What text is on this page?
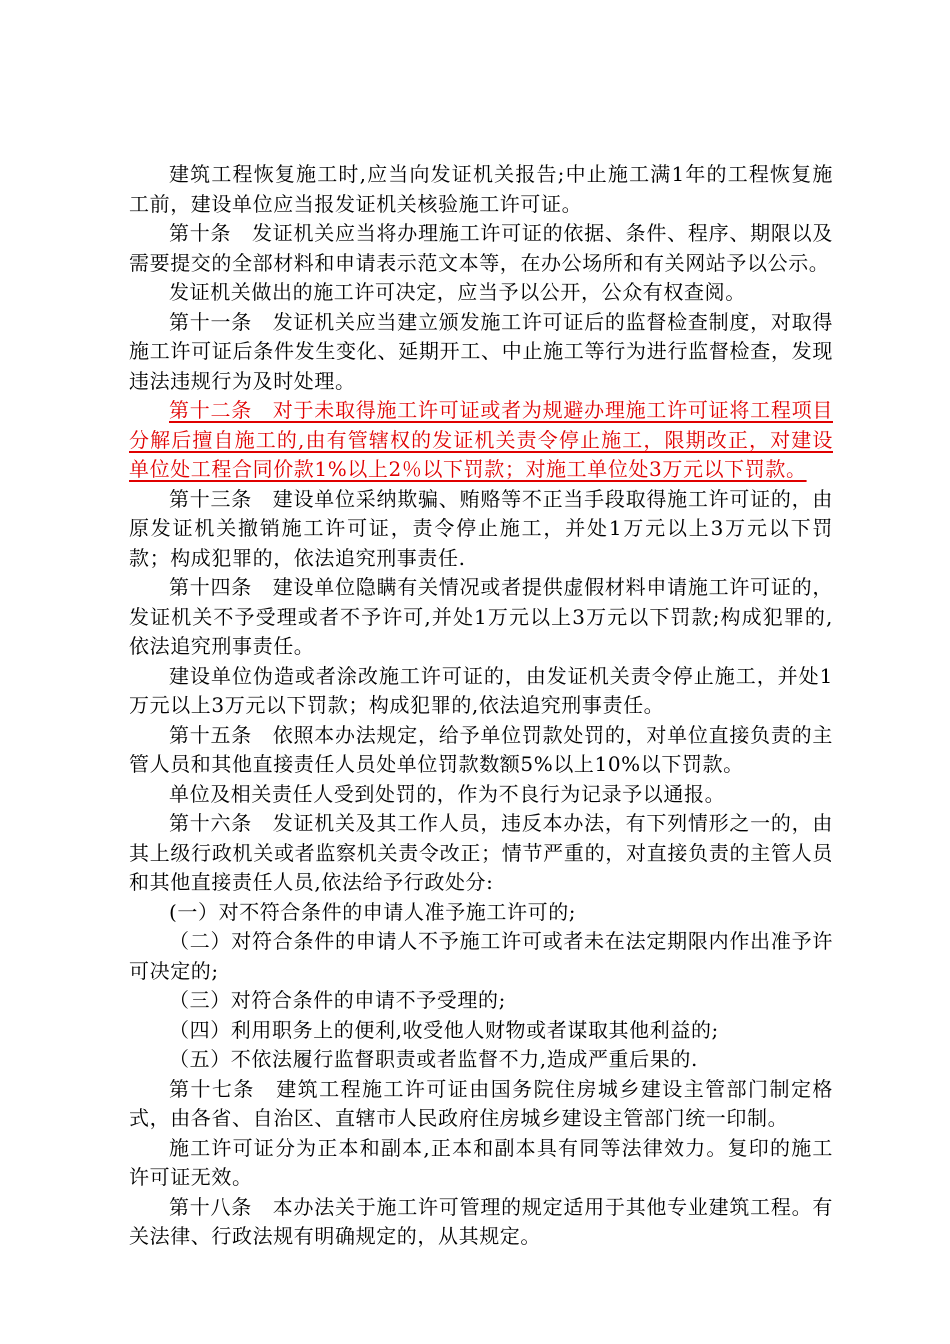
建筑工程恢复施工时,应当向发证机关报告;中止施工满1年的工程恢复施工前，建设单位应当报发证机关核验施工许可证。

第十条　发证机关应当将办理施工许可证的依据、条件、程序、期限以及需要提交的全部材料和申请表示范文本等，在办公场所和有关网站予以公示。

发证机关做出的施工许可决定，应当予以公开，公众有权查阅。

第十一条　发证机关应当建立颁发施工许可证后的监督检查制度，对取得施工许可证后条件发生变化、延期开工、中止施工等行为进行监督检查，发现违法违规行为及时处理。

第十二条　对于未取得施工许可证或者为规避办理施工许可证将工程项目分解后擅自施工的,由有管辖权的发证机关责令停止施工，限期改正，对建设单位处工程合同价款1%以上2％以下罚款；对施工单位处3万元以下罚款。

第十三条　建设单位采纳欺骗、贿赂等不正当手段取得施工许可证的，由原发证机关撤销施工许可证，责令停止施工，并处1万元以上3万元以下罚款；构成犯罪的，依法追究刑事责任.

第十四条　建设单位隐瞒有关情况或者提供虚假材料申请施工许可证的，发证机关不予受理或者不予许可,并处1万元以上3万元以下罚款;构成犯罪的,依法追究刑事责任。

建设单位伪造或者涂改施工许可证的，由发证机关责令停止施工，并处1万元以上3万元以下罚款；构成犯罪的,依法追究刑事责任。

第十五条　依照本办法规定，给予单位罚款处罚的，对单位直接负责的主管人员和其他直接责任人员处单位罚款数额5%以上10%以下罚款。

单位及相关责任人受到处罚的，作为不良行为记录予以通报。

第十六条　发证机关及其工作人员，违反本办法，有下列情形之一的，由其上级行政机关或者监察机关责令改正；情节严重的，对直接负责的主管人员和其他直接责任人员,依法给予行政处分:

(一）对不符合条件的申请人准予施工许可的;

（二）对符合条件的申请人不予施工许可或者未在法定期限内作出准予许可决定的;

（三）对符合条件的申请不予受理的;

（四）利用职务上的便利,收受他人财物或者谋取其他利益的;

（五）不依法履行监督职责或者监督不力,造成严重后果的.

第十七条　建筑工程施工许可证由国务院住房城乡建设主管部门制定格式，由各省、自治区、直辖市人民政府住房城乡建设主管部门统一印制。

施工许可证分为正本和副本,正本和副本具有同等法律效力。复印的施工许可证无效。

第十八条　本办法关于施工许可管理的规定适用于其他专业建筑工程。有关法律、行政法规有明确规定的，从其规定。
